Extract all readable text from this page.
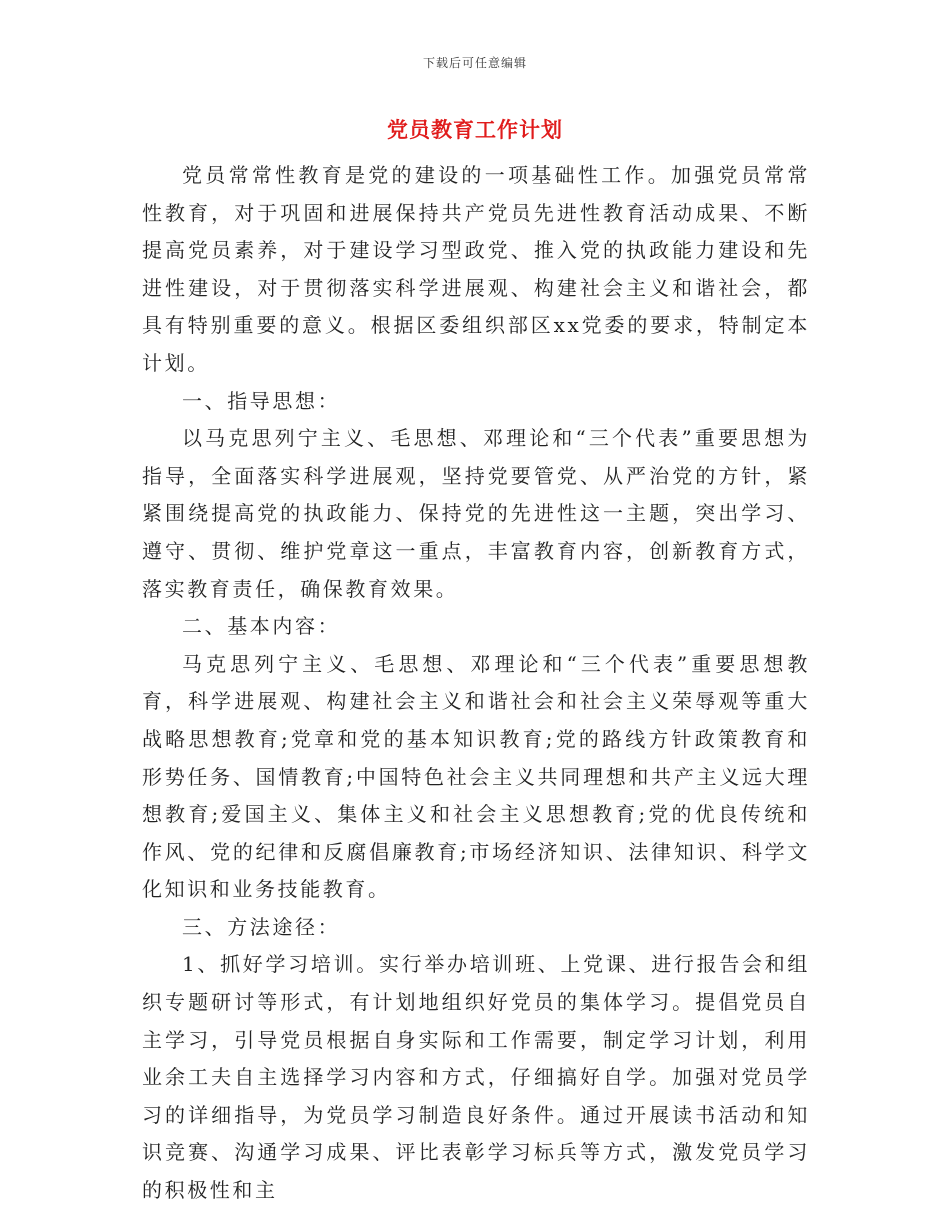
下载后可任意编辑
党员教育工作计划

党员常常性教育是党的建设的一项基础性工作。加强党员常常性教育，对于巩固和进展保持共产党员先进性教育活动成果、不断提高党员素养，对于建设学习型政党、推入党的执政能力建设和先进性建设，对于贯彻落实科学进展观、构建社会主义和谐社会，都具有特别重要的意义。根据区委组织部区xx党委的要求，特制定本计划。

一、指导思想：

以马克思列宁主义、毛思想、邓理论和“三个代表”重要思想为指导，全面落实科学进展观，坚持党要管党、从严治党的方针，紧紧围绕提高党的执政能力、保持党的先进性这一主题，突出学习、遵守、贯彻、维护党章这一重点，丰富教育内容，创新教育方式，落实教育责任，确保教育效果。

二、基本内容：

马克思列宁主义、毛思想、邓理论和“三个代表”重要思想教育，科学进展观、构建社会主义和谐社会和社会主义荣辱观等重大战略思想教育;党章和党的基本知识教育;党的路线方针政策教育和形势任务、国情教育;中国特色社会主义共同理想和共产主义远大理想教育;爱国主义、集体主义和社会主义思想教育;党的优良传统和作风、党的纪律和反腐倡廉教育;市场经济知识、法律知识、科学文化知识和业务技能教育。

三、方法途径：

1、抓好学习培训。实行举办培训班、上党课、进行报告会和组织专题研讨等形式，有计划地组织好党员的集体学习。提倡党员自主学习，引导党员根据自身实际和工作需要，制定学习计划，利用业余工夫自主选择学习内容和方式，仔细搞好自学。加强对党员学习的详细指导，为党员学习制造良好条件。通过开展读书活动和知识竞赛、沟通学习成果、评比表彰学习标兵等方式，激发党员学习的积极性和主
